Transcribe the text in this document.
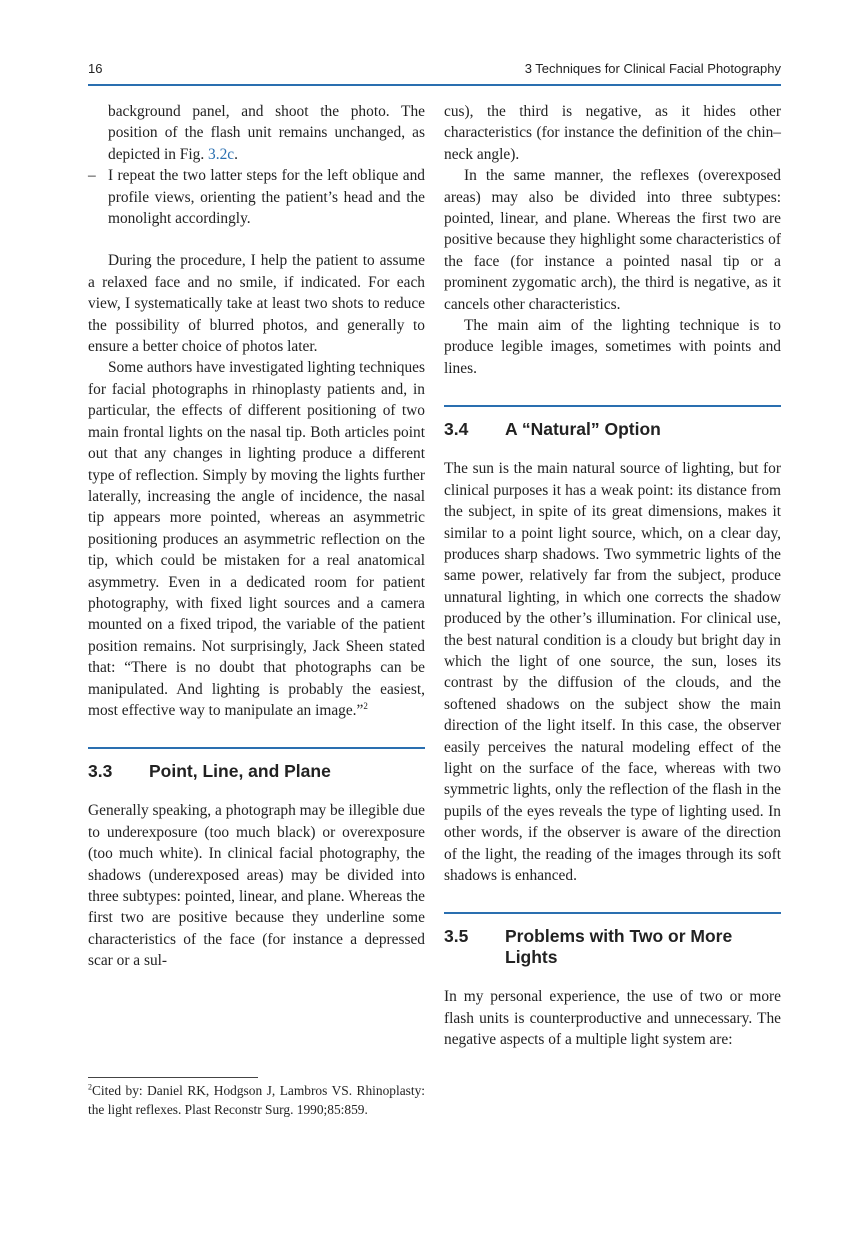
16	3 Techniques for Clinical Facial Photography

background panel, and shoot the photo. The position of the flash unit remains unchanged, as depicted in Fig. 3.2c.

– I repeat the two latter steps for the left oblique and profile views, orienting the patient’s head and the monolight accordingly.

During the procedure, I help the patient to assume a relaxed face and no smile, if indicated. For each view, I systematically take at least two shots to reduce the possibility of blurred photos, and generally to ensure a better choice of photos later.

Some authors have investigated lighting techniques for facial photographs in rhinoplasty patients and, in particular, the effects of different positioning of two main frontal lights on the nasal tip. Both articles point out that any changes in lighting produce a different type of reflection. Simply by moving the lights further laterally, increasing the angle of incidence, the nasal tip appears more pointed, whereas an asymmetric positioning produces an asymmetric reflection on the tip, which could be mistaken for a real anatomical asymmetry. Even in a dedicated room for patient photography, with fixed light sources and a camera mounted on a fixed tripod, the variable of the patient position remains. Not surprisingly, Jack Sheen stated that: “There is no doubt that photographs can be manipulated. And lighting is probably the easiest, most effective way to manipulate an image.”$^2$

3.3	Point, Line, and Plane

Generally speaking, a photograph may be illegible due to underexposure (too much black) or overexposure (too much white). In clinical facial photography, the shadows (underexposed areas) may be divided into three subtypes: pointed, linear, and plane. Whereas the first two are positive because they underline some characteristics of the face (for instance a depressed scar or a sul-

cus), the third is negative, as it hides other characteristics (for instance the definition of the chin–neck angle).

In the same manner, the reflexes (overexposed areas) may also be divided into three subtypes: pointed, linear, and plane. Whereas the first two are positive because they highlight some characteristics of the face (for instance a pointed nasal tip or a prominent zygomatic arch), the third is negative, as it cancels other characteristics.

The main aim of the lighting technique is to produce legible images, sometimes with points and lines.

3.4	A “Natural” Option

The sun is the main natural source of lighting, but for clinical purposes it has a weak point: its distance from the subject, in spite of its great dimensions, makes it similar to a point light source, which, on a clear day, produces sharp shadows. Two symmetric lights of the same power, relatively far from the subject, produce unnatural lighting, in which one corrects the shadow produced by the other’s illumination. For clinical use, the best natural condition is a cloudy but bright day in which the light of one source, the sun, loses its contrast by the diffusion of the clouds, and the softened shadows on the subject show the main direction of the light itself. In this case, the observer easily perceives the natural modeling effect of the light on the surface of the face, whereas with two symmetric lights, only the reflection of the flash in the pupils of the eyes reveals the type of lighting used. In other words, if the observer is aware of the direction of the light, the reading of the images through its soft shadows is enhanced.

3.5	Problems with Two or More Lights

In my personal experience, the use of two or more flash units is counterproductive and unnecessary. The negative aspects of a multiple light system are:

$^2$Cited by: Daniel RK, Hodgson J, Lambros VS. Rhinoplasty: the light reflexes. Plast Reconstr Surg. 1990;85:859.
